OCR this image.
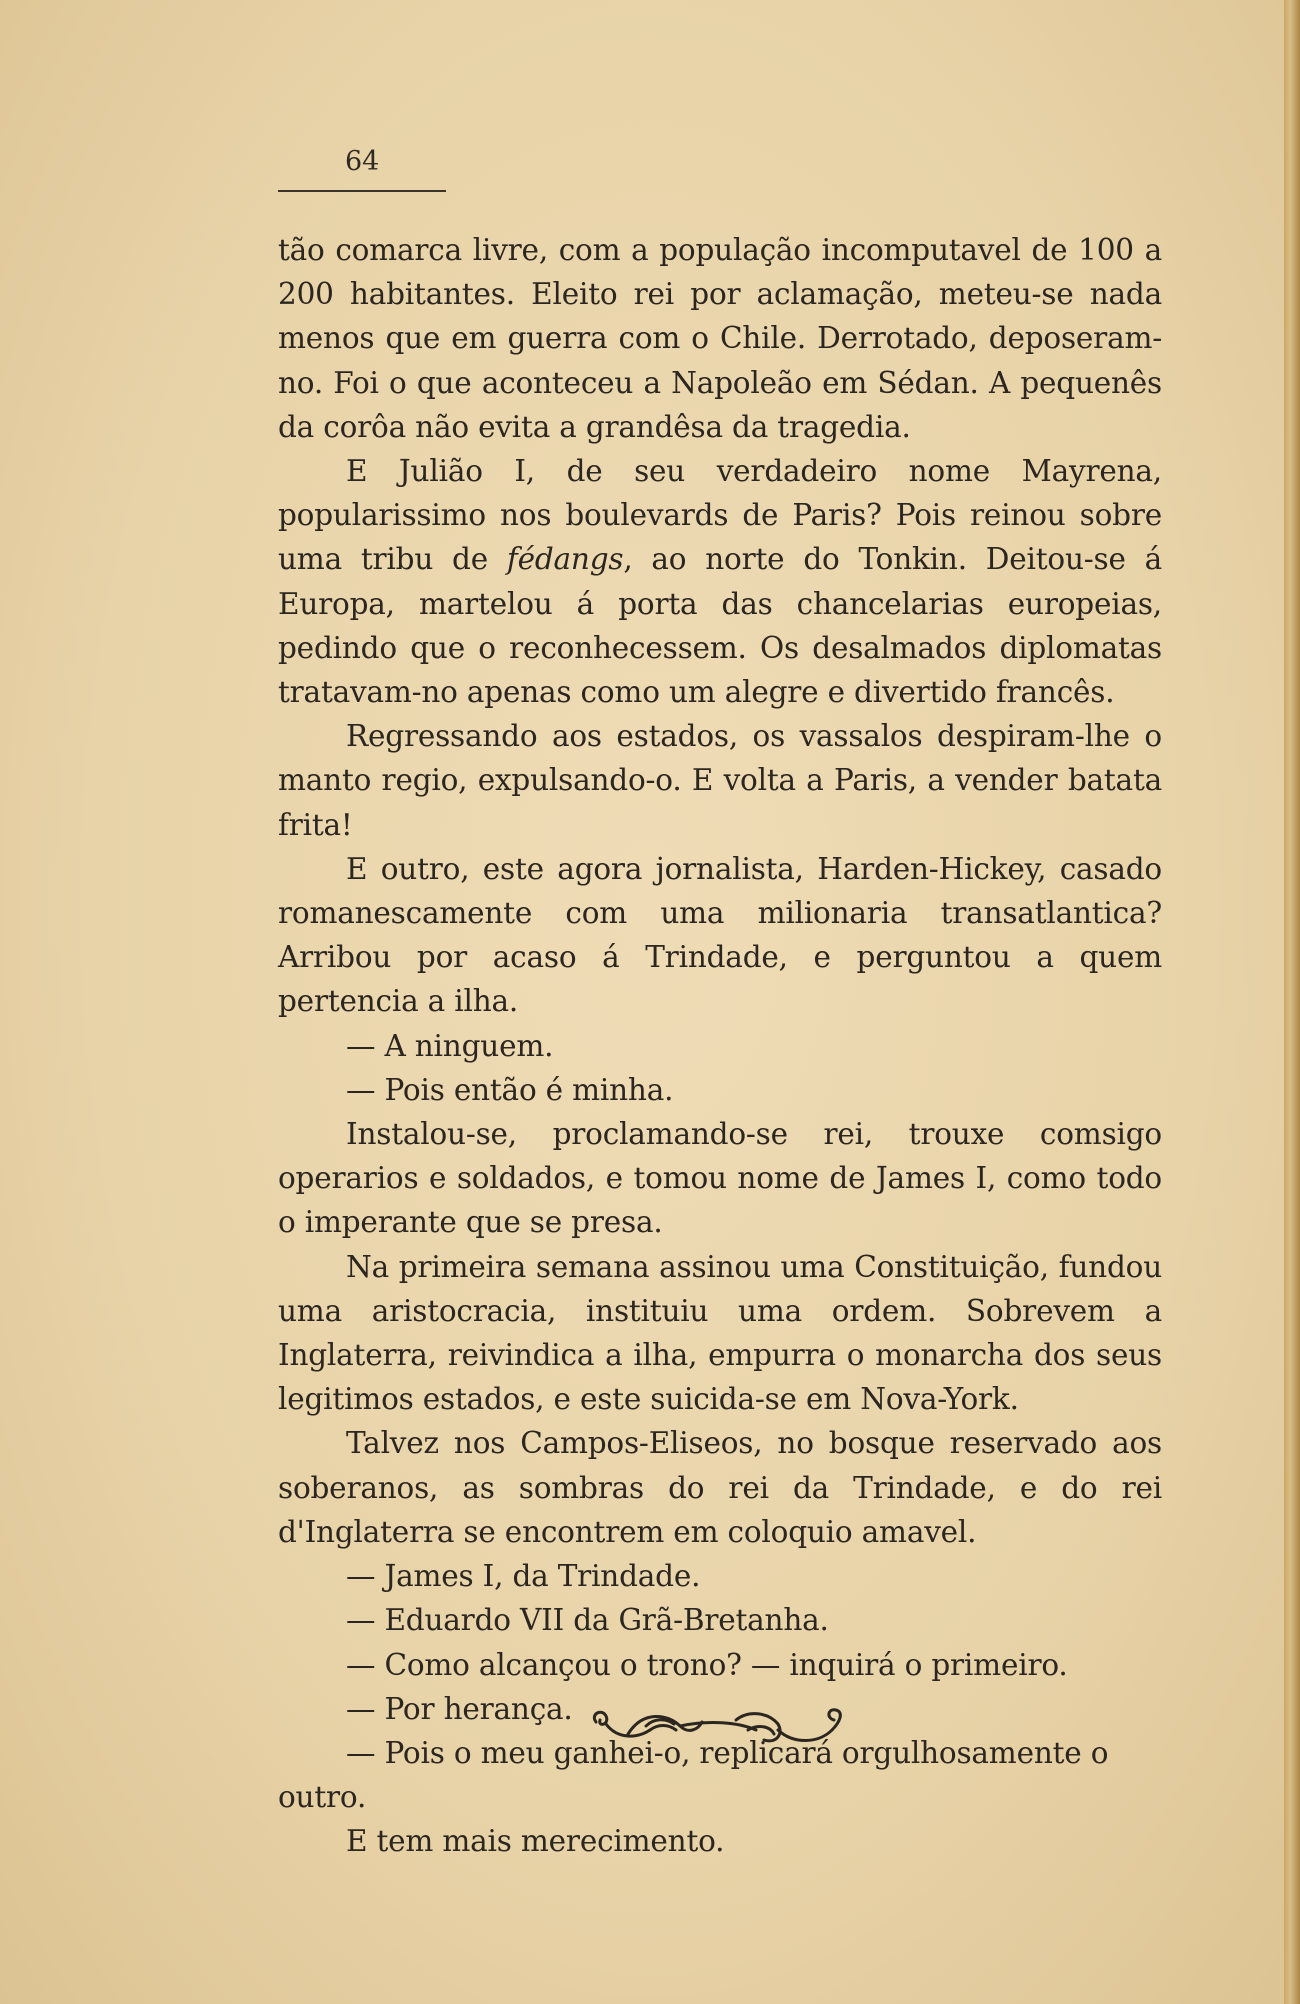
64

tão comarca livre, com a população incomputavel de 100 a 200 habitantes. Eleito rei por aclamação, meteu-se nada menos que em guerra com o Chile. Derrotado, deposeram-no. Foi o que aconteceu a Napoleão em Sédan. A pequenês da corôa não evita a grandêsa da tragedia.

E Julião I, de seu verdadeiro nome Mayrena, popularissimo nos boulevards de Paris? Pois reinou sobre uma tribu de fédangs, ao norte do Tonkin. Deitou-se á Europa, martelou á porta das chancelarias europeias, pedindo que o reconhecessem. Os desalmados diplomatas tratavam-no apenas como um alegre e divertido francês.

Regressando aos estados, os vassalos despiram-lhe o manto regio, expulsando-o. E volta a Paris, a vender batata frita!

E outro, este agora jornalista, Harden-Hickey, casado romanescamente com uma milionaria transatlantica? Arribou por acaso á Trindade, e perguntou a quem pertencia a ilha.

— A ninguem.

— Pois então é minha.

Instalou-se, proclamando-se rei, trouxe comsigo operarios e soldados, e tomou nome de James I, como todo o imperante que se presa.

Na primeira semana assinou uma Constituição, fundou uma aristocracia, instituiu uma ordem. Sobrevem a Inglaterra, reivindica a ilha, empurra o monarcha dos seus legitimos estados, e este suicida-se em Nova-York.

Talvez nos Campos-Eliseos, no bosque reservado aos soberanos, as sombras do rei da Trindade, e do rei d'Inglaterra se encontrem em coloquio amavel.

— James I, da Trindade.

— Eduardo VII da Grã-Bretanha.

— Como alcançou o trono? — inquirá o primeiro.

— Por herança.

— Pois o meu ganhei-o, replicará orgulhosamente o outro.

E tem mais merecimento.
